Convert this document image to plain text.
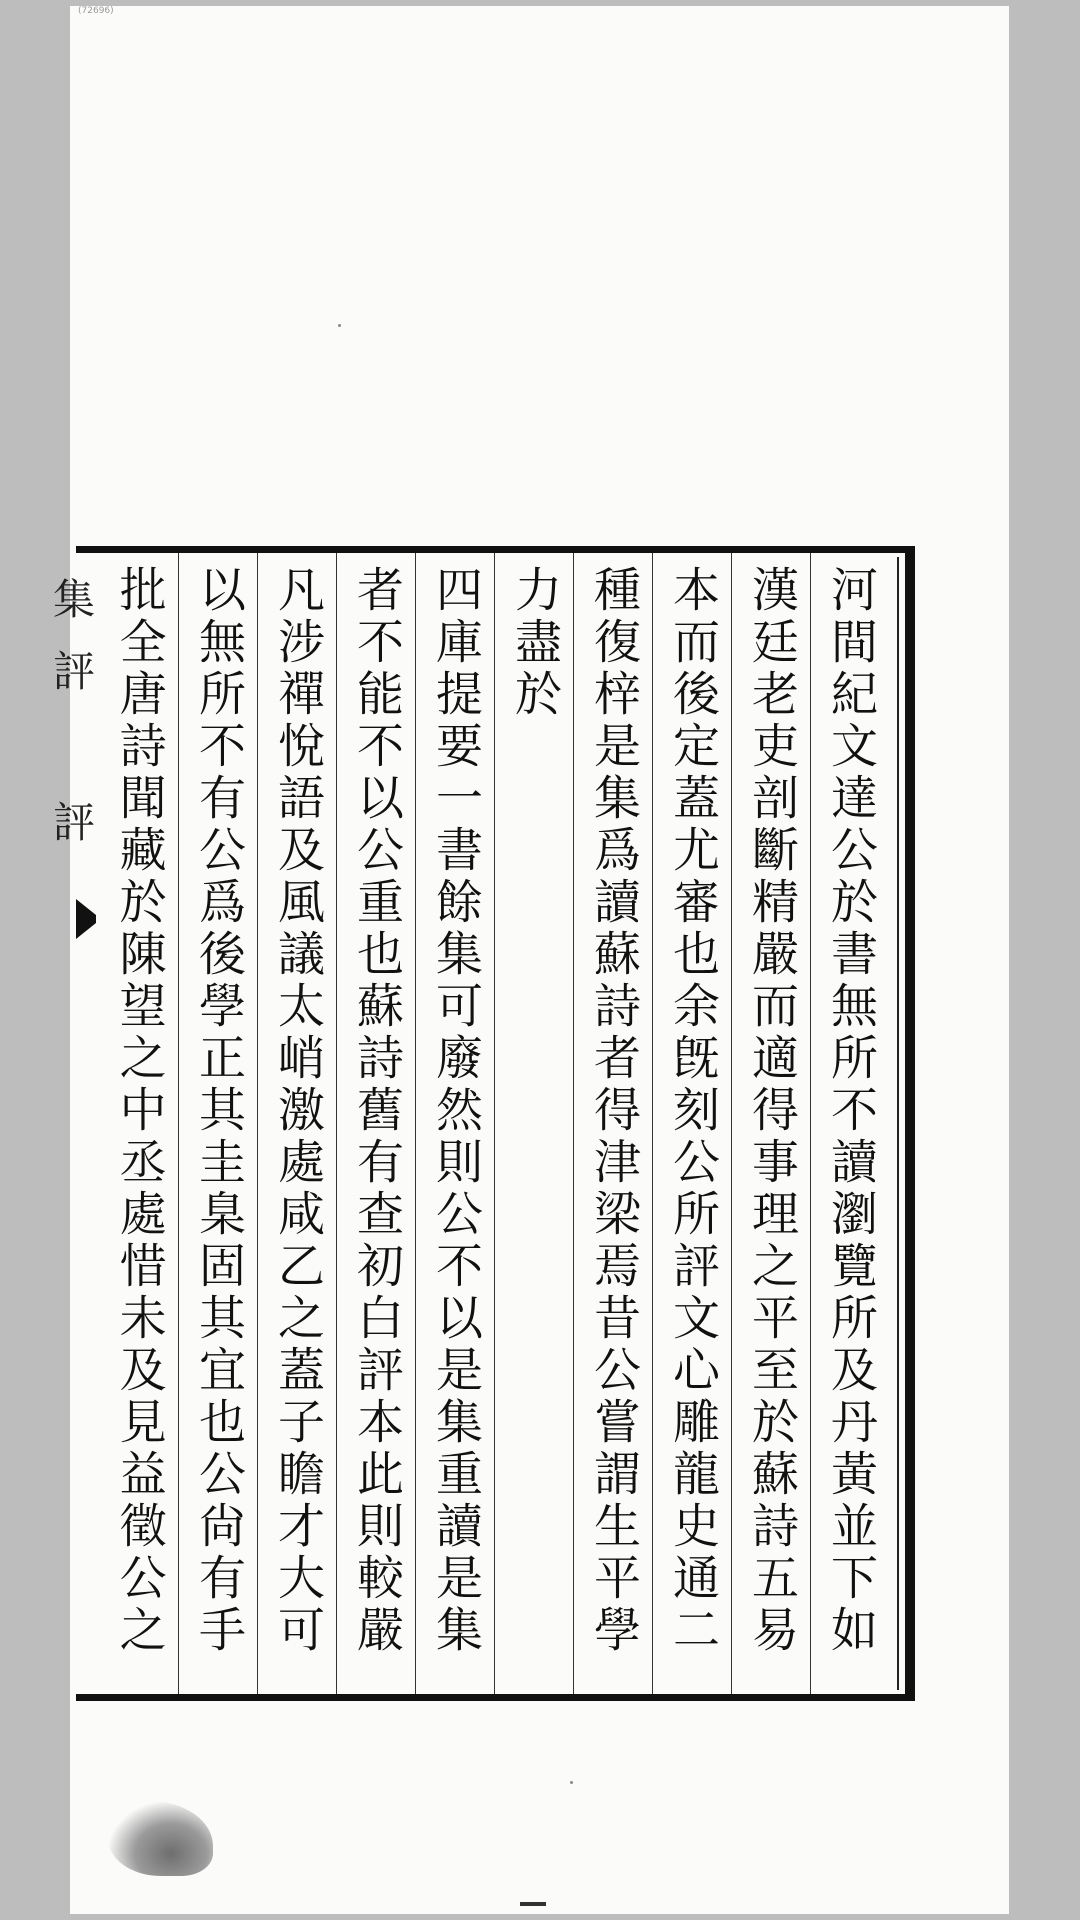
(72696)
集評 評	河間紀文達公於書無所不讀瀏覽所及丹黃並下如
漢廷老吏剖斷精嚴而適得事理之平至於蘇詩五易
本而後定蓋尤審也余旣刻公所評文心雕龍史通二
種復梓是集爲讀蘇詩者得津梁焉昔公嘗謂生平學
力盡於
四庫提要一書餘集可廢然則公不以是集重讀是集
者不能不以公重也蘇詩舊有查初白評本此則較嚴
凡涉禪悅語及風議太峭激處咸乙之蓋子瞻才大可
以無所不有公爲後學正其圭臬固其宜也公尙有手
批全唐詩聞藏於陳望之中丞處惜未及見益徵公之
